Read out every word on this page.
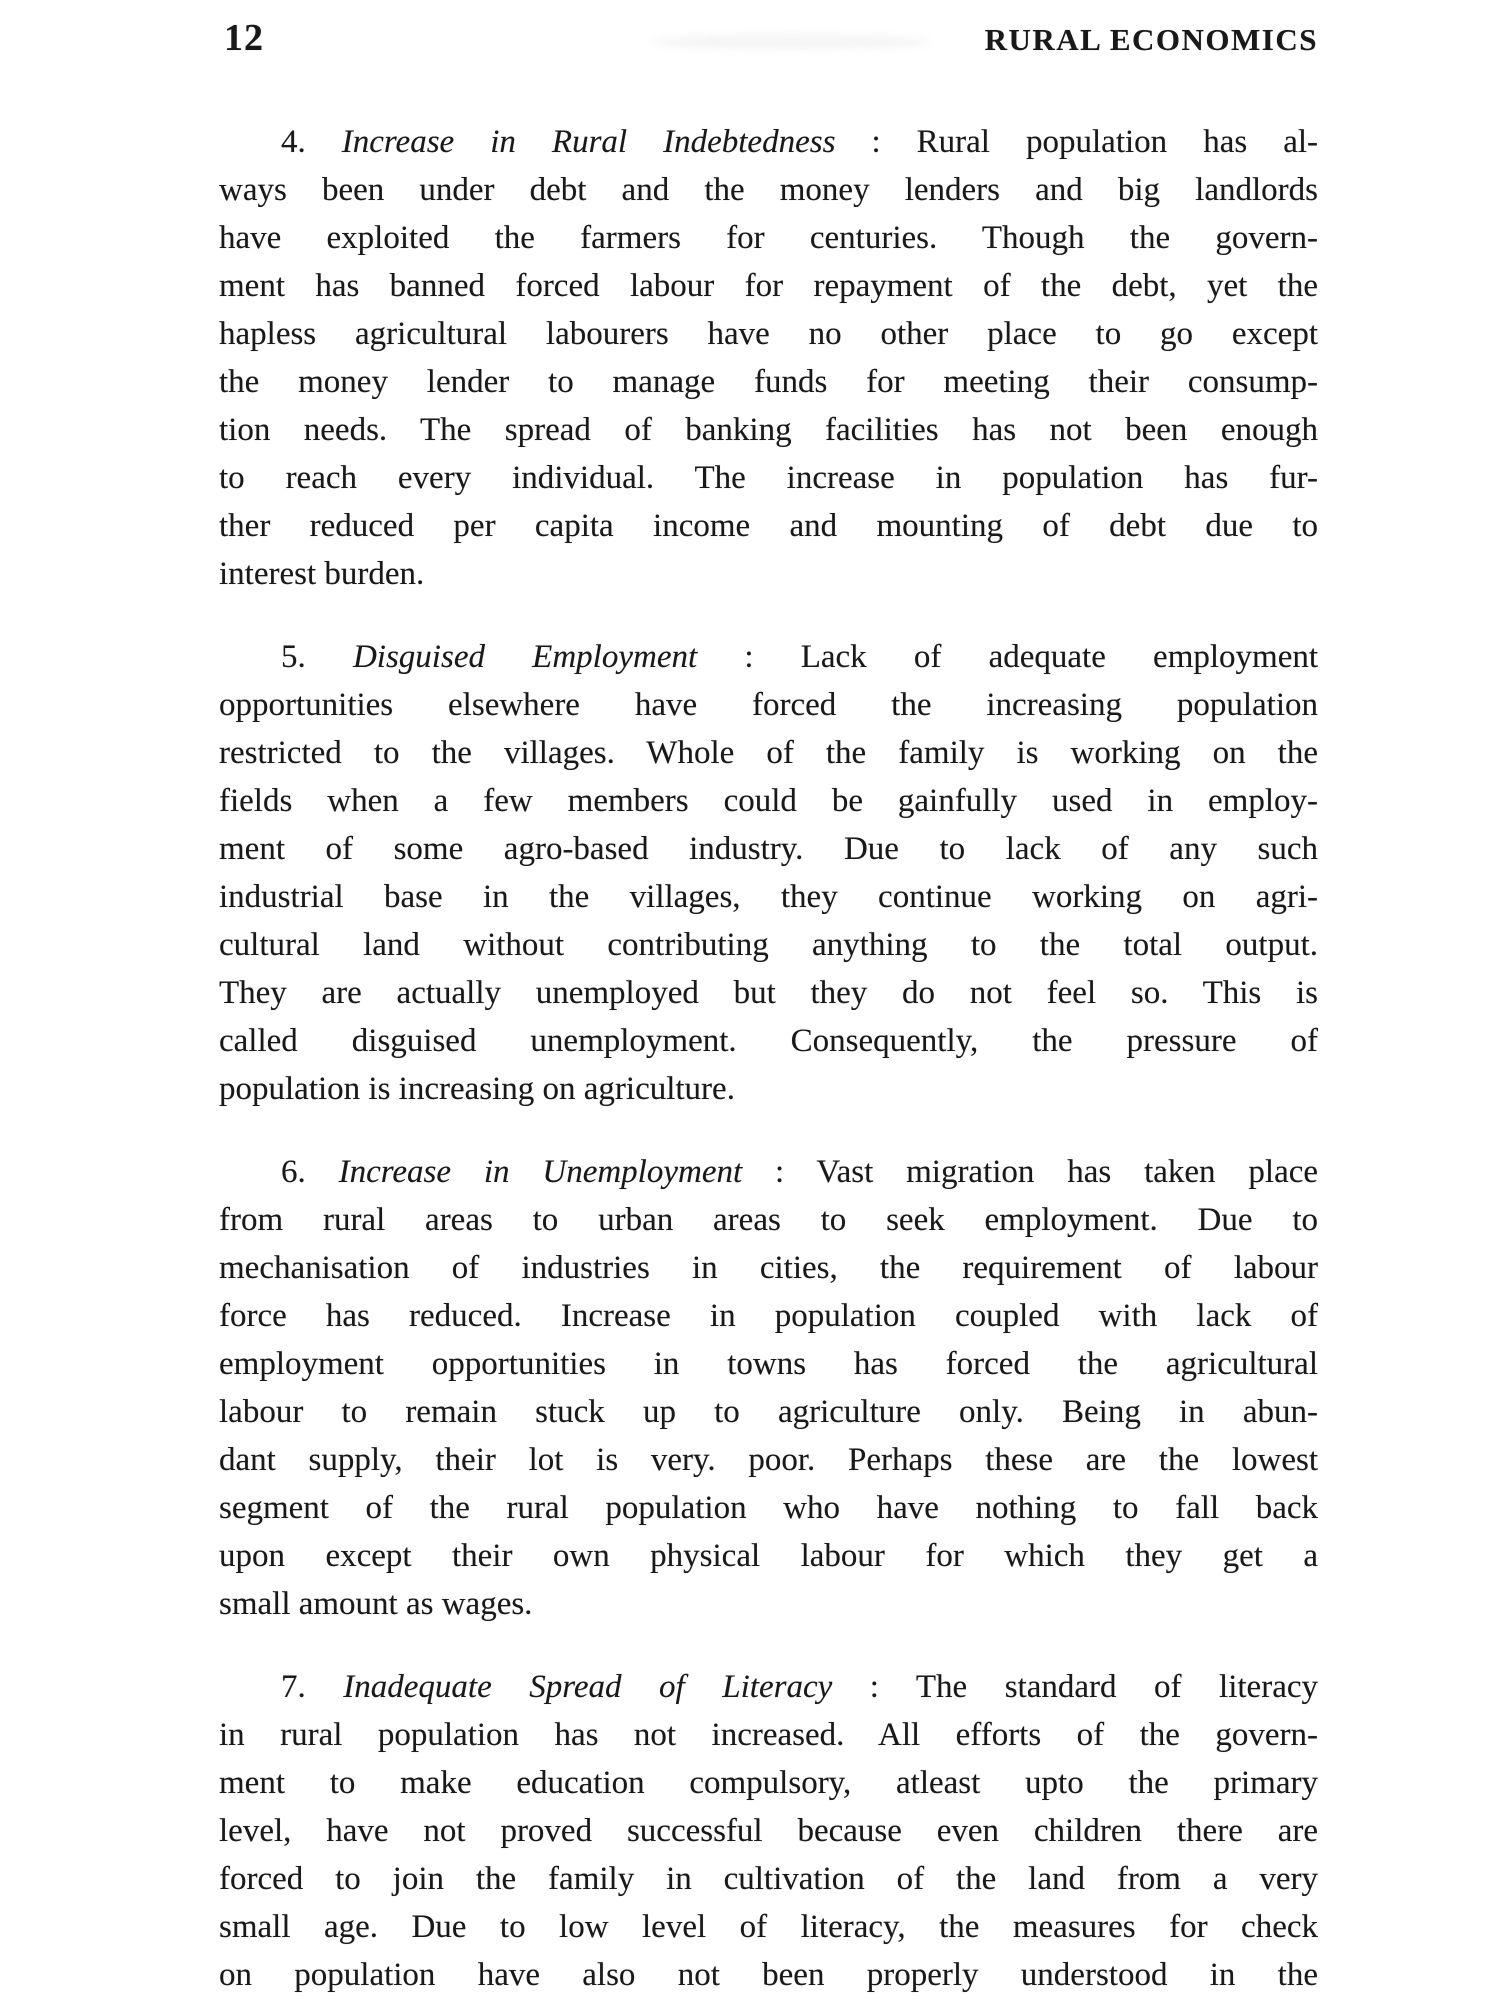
12	RURAL ECONOMICS
4. Increase in Rural Indebtedness : Rural population has al-
ways been under debt and the money lenders and big landlords
have exploited the farmers for centuries. Though the govern-
ment has banned forced labour for repayment of the debt, yet the
hapless agricultural labourers have no other place to go except
the money lender to manage funds for meeting their consump-
tion needs. The spread of banking facilities has not been enough
to reach every individual. The increase in population has fur-
ther reduced per capita income and mounting of debt due to
interest burden.
5. Disguised Employment : Lack of adequate employment
opportunities elsewhere have forced the increasing population
restricted to the villages. Whole of the family is working on the
fields when a few members could be gainfully used in employ-
ment of some agro-based industry. Due to lack of any such
industrial base in the villages, they continue working on agri-
cultural land without contributing anything to the total output.
They are actually unemployed but they do not feel so. This is
called disguised unemployment. Consequently, the pressure of
population is increasing on agriculture.
6. Increase in Unemployment : Vast migration has taken place
from rural areas to urban areas to seek employment. Due to
mechanisation of industries in cities, the requirement of labour
force has reduced. Increase in population coupled with lack of
employment opportunities in towns has forced the agricultural
labour to remain stuck up to agriculture only. Being in abun-
dant supply, their lot is very. poor. Perhaps these are the lowest
segment of the rural population who have nothing to fall back
upon except their own physical labour for which they get a
small amount as wages.
7. Inadequate Spread of Literacy : The standard of literacy
in rural population has not increased. All efforts of the govern-
ment to make education compulsory, atleast upto the primary
level, have not proved successful because even children there are
forced to join the family in cultivation of the land from a very
small age. Due to low level of literacy, the measures for check
on population have also not been properly understood in the
